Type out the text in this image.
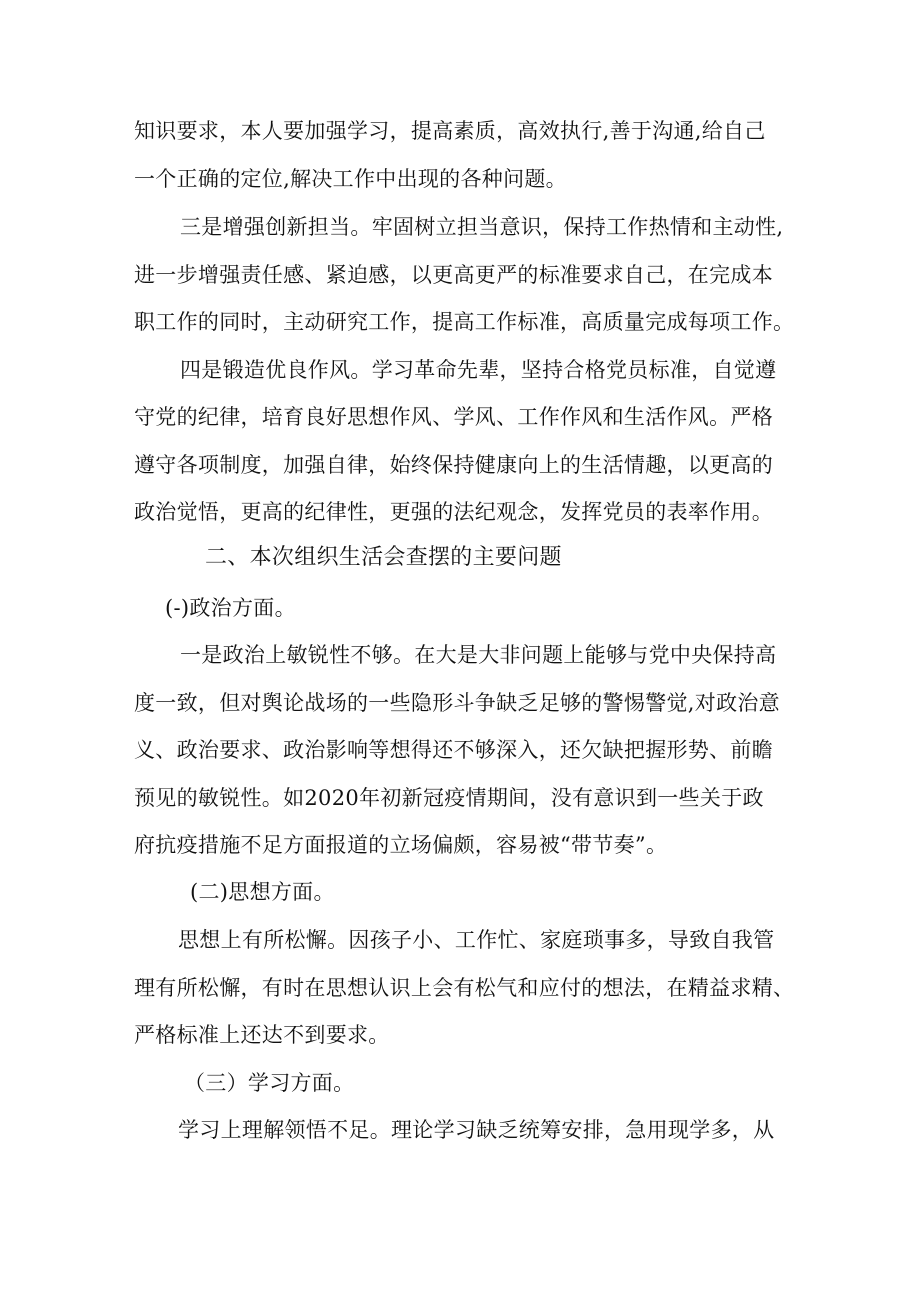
知识要求，本人要加强学习，提高素质，高效执行,善于沟通,给自己
一个正确的定位,解决工作中出现的各种问题。
三是增强创新担当。牢固树立担当意识，保持工作热情和主动性,
进一步增强责任感、紧迫感，以更高更严的标准要求自己，在完成本
职工作的同时，主动研究工作，提高工作标准，高质量完成每项工作。
四是锻造优良作风。学习革命先辈，坚持合格党员标准，自觉遵
守党的纪律，培育良好思想作风、学风、工作作风和生活作风。严格
遵守各项制度，加强自律，始终保持健康向上的生活情趣，以更高的
政治觉悟，更高的纪律性，更强的法纪观念，发挥党员的表率作用。
二、本次组织生活会查摆的主要问题
(-)政治方面。
一是政治上敏锐性不够。在大是大非问题上能够与党中央保持高
度一致，但对舆论战场的一些隐形斗争缺乏足够的警惕警觉,对政治意
义、政治要求、政治影响等想得还不够深入，还欠缺把握形势、前瞻
预见的敏锐性。如2020年初新冠疫情期间，没有意识到一些关于政
府抗疫措施不足方面报道的立场偏颇，容易被“带节奏”。
(二)思想方面。
思想上有所松懈。因孩子小、工作忙、家庭琐事多，导致自我管
理有所松懈，有时在思想认识上会有松气和应付的想法，在精益求精、
严格标准上还达不到要求。
（三）学习方面。
学习上理解领悟不足。理论学习缺乏统筹安排，急用现学多，从
